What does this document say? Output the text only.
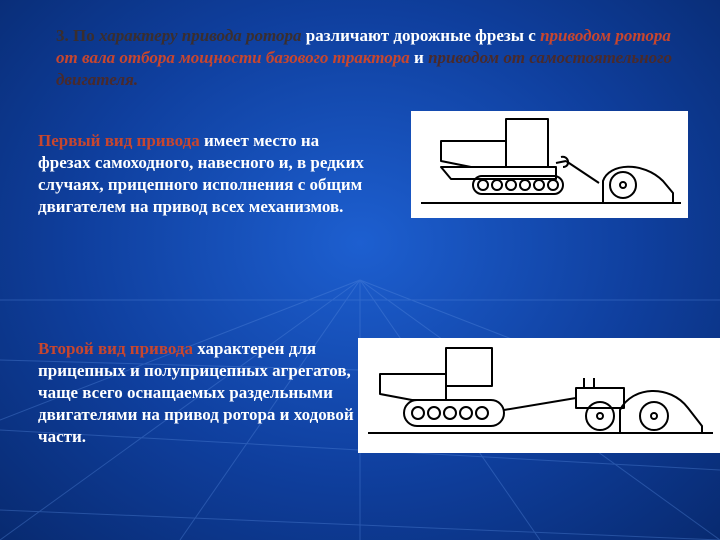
3. По характеру привода ротора различают дорожные фрезы с приводом ротора от вала отбора мощности базового трактора и приводом от самостоятельного двигателя.
Первый вид привода имеет место на фрезах самоходного, навесного и, в редких случаях, прицепного исполнения с общим двигателем на привод всех механизмов.
Второй вид привода характерен для прицепных и полуприцепных агрегатов, чаще всего оснащаемых раздельными двигателями на привод ротора и ходовой части.
